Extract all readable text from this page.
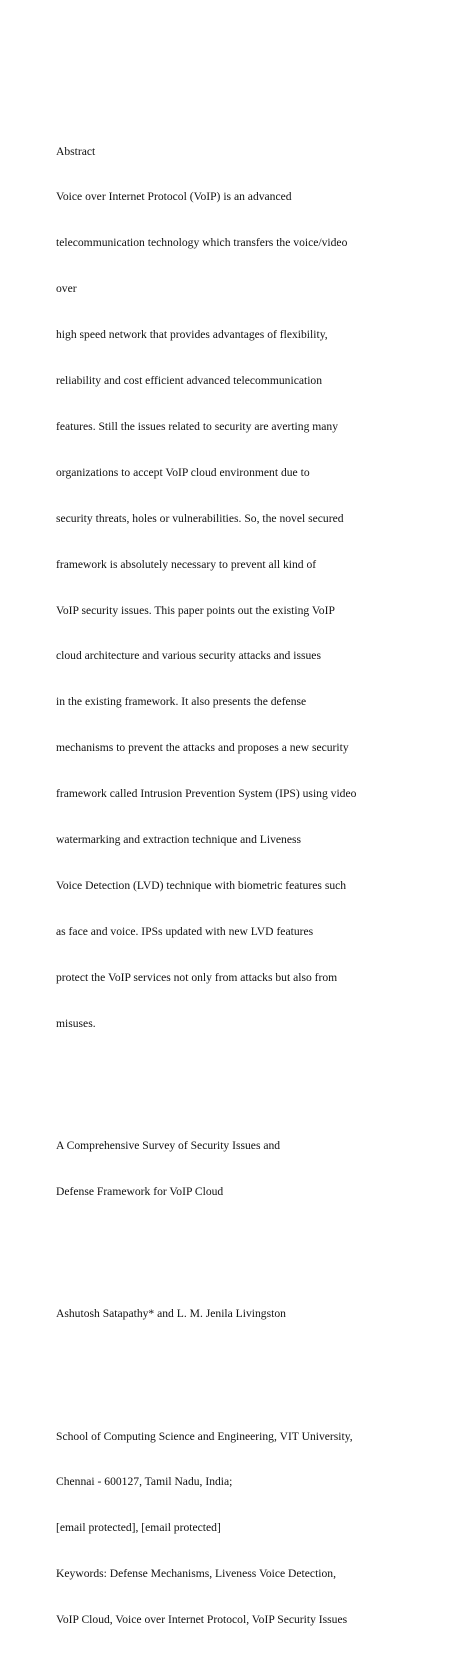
Abstract

Voice over Internet Protocol (VoIP) is an advanced

telecommunication technology which transfers the voice/video

over

high speed network that provides advantages of flexibility,

reliability and cost efficient advanced telecommunication

features. Still the issues related to security are averting many

organizations to accept VoIP cloud environment due to

security threats, holes or vulnerabilities. So, the novel secured

framework is absolutely necessary to prevent all kind of

VoIP security issues. This paper points out the existing VoIP

cloud architecture and various security attacks and issues

in the existing framework. It also presents the defense

mechanisms to prevent the attacks and proposes a new security

framework called Intrusion Prevention System (IPS) using video

watermarking and extraction technique and Liveness

Voice Detection (LVD) technique with biometric features such

as face and voice. IPSs updated with new LVD features

protect the VoIP services not only from attacks but also from

misuses.

A Comprehensive Survey of Security Issues and

Defense Framework for VoIP Cloud

Ashutosh Satapathy* and L. M. Jenila Livingston

School of Computing Science and Engineering, VIT University,

Chennai - 600127, Tamil Nadu, India;

[email protected], [email protected]

Keywords: Defense Mechanisms, Liveness Voice Detection,

VoIP Cloud, Voice over Internet Protocol, VoIP Security Issues
